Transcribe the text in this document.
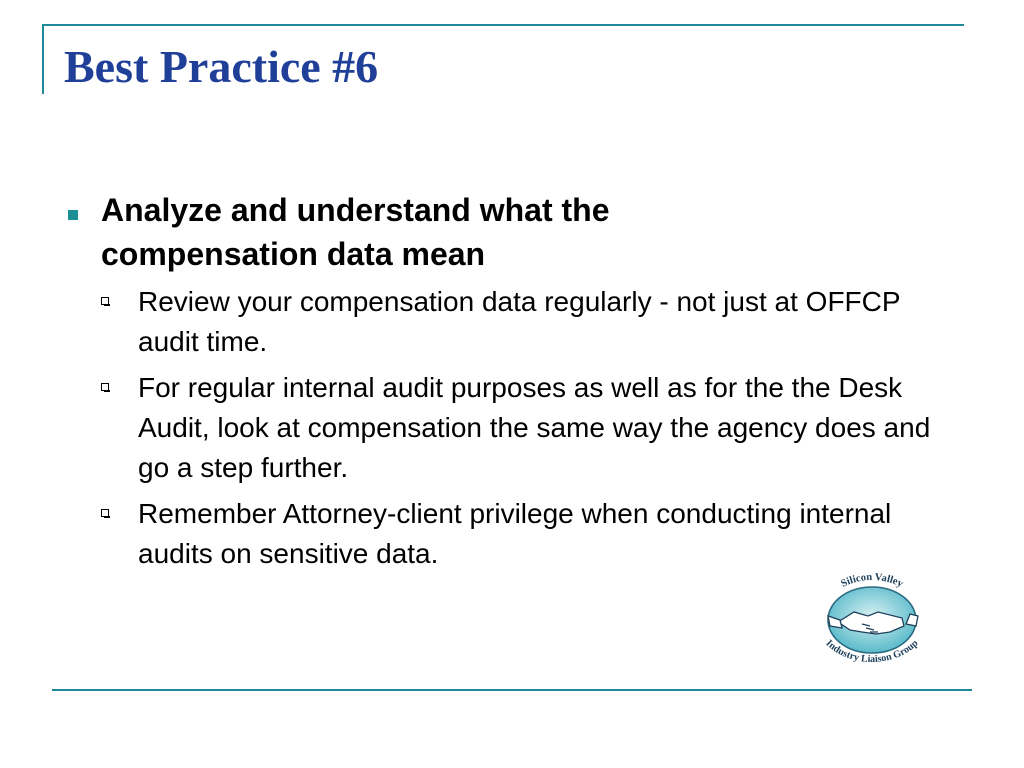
Best Practice #6
Analyze and understand what the compensation data mean
Review your compensation data regularly - not just at OFFCP audit time.
For regular internal audit purposes as well as for the the Desk Audit, look at compensation the same way the agency does and go a step further.
Remember Attorney-client privilege when conducting internal audits on sensitive data.
Silicon Valley
Industry Liaison Group
